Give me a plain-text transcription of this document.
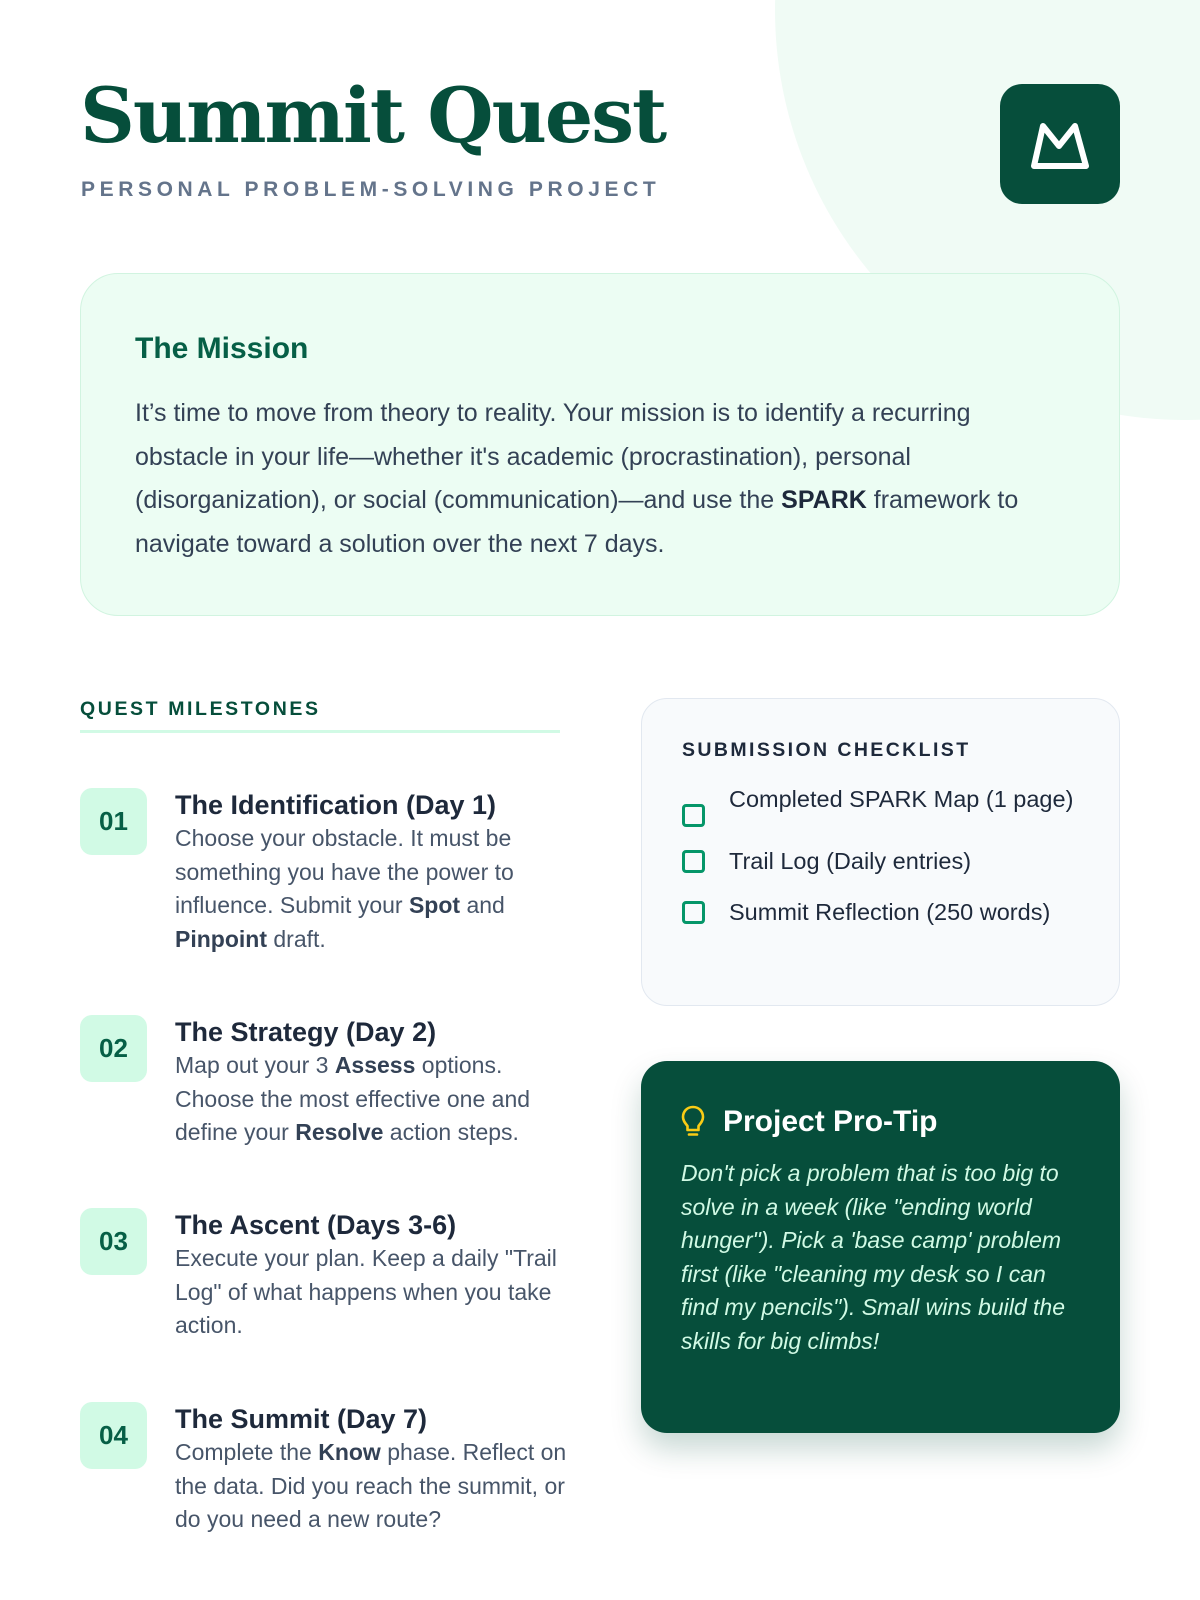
Summit Quest
PERSONAL PROBLEM-SOLVING PROJECT
The Mission

It’s time to move from theory to reality. Your mission is to identify a recurring obstacle in your life—whether it's academic (procrastination), personal (disorganization), or social (communication)—and use the SPARK framework to navigate toward a solution over the next 7 days.

QUEST MILESTONES
01
The Identification (Day 1)

Choose your obstacle. It must be something you have the power to influence. Submit your Spot and Pinpoint draft.

02
The Strategy (Day 2)

Map out your 3 Assess options. Choose the most effective one and define your Resolve action steps.

03
The Ascent (Days 3-6)

Execute your plan. Keep a daily "Trail Log" of what happens when you take action.

04
The Summit (Day 7)

Complete the Know phase. Reflect on the data. Did you reach the summit, or do you need a new route?

SUBMISSION CHECKLIST
Completed SPARK Map (1 page)
Trail Log (Daily entries)
Summit Reflection (250 words)
Project Pro-Tip

Don't pick a problem that is too big to solve in a week (like "ending world hunger"). Pick a 'base camp' problem first (like "cleaning my desk so I can find my pencils"). Small wins build the skills for big climbs!
